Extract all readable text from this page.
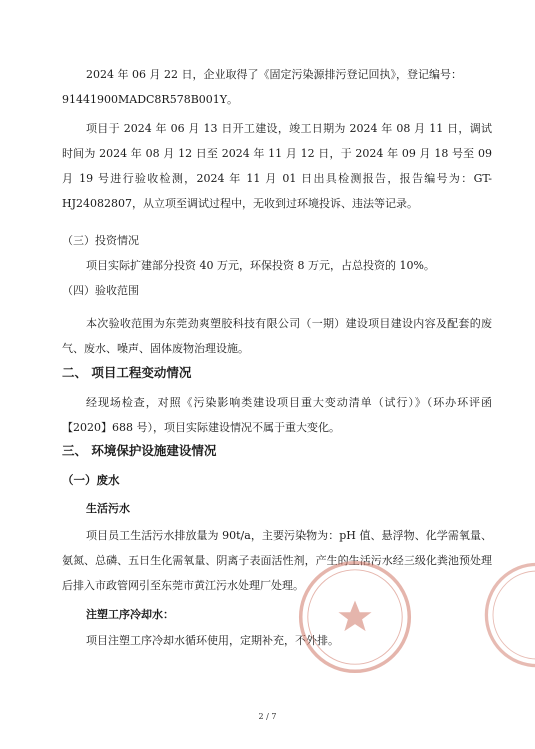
2024 年 06 月 22 日，企业取得了《固定污染源排污登记回执》，登记编号：

91441900MADC8R578B001Y。

项目于 2024 年 06 月 13 日开工建设，竣工日期为 2024 年 08 月 11 日，调试时间为 2024 年 08 月 12 日至 2024 年 11 月 12 日，于 2024 年 09 月 18 号至 09 月 19 号进行验收检测，2024 年 11 月 01 日出具检测报告，报告编号为：GT-HJ24082807，从立项至调试过程中，无收到过环境投诉、违法等记录。

（三）投资情况

项目实际扩建部分投资 40 万元，环保投资 8 万元，占总投资的 10%。

（四）验收范围

本次验收范围为东莞劲爽塑胶科技有限公司（一期）建设项目建设内容及配套的废气、废水、噪声、固体废物治理设施。

二、 项目工程变动情况

经现场检查，对照《污染影响类建设项目重大变动清单（试行）》（环办环评函【2020】688 号），项目实际建设情况不属于重大变化。

三、 环境保护设施建设情况

（一）废水

生活污水

项目员工生活污水排放量为 90t/a，主要污染物为：pH 值、悬浮物、化学需氧量、氨氮、总磷、五日生化需氧量、阴离子表面活性剂，产生的生活污水经三级化粪池预处理后排入市政管网引至东莞市黄江污水处理厂处理。

注塑工序冷却水：

项目注塑工序冷却水循环使用，定期补充，不外排。

2 / 7
